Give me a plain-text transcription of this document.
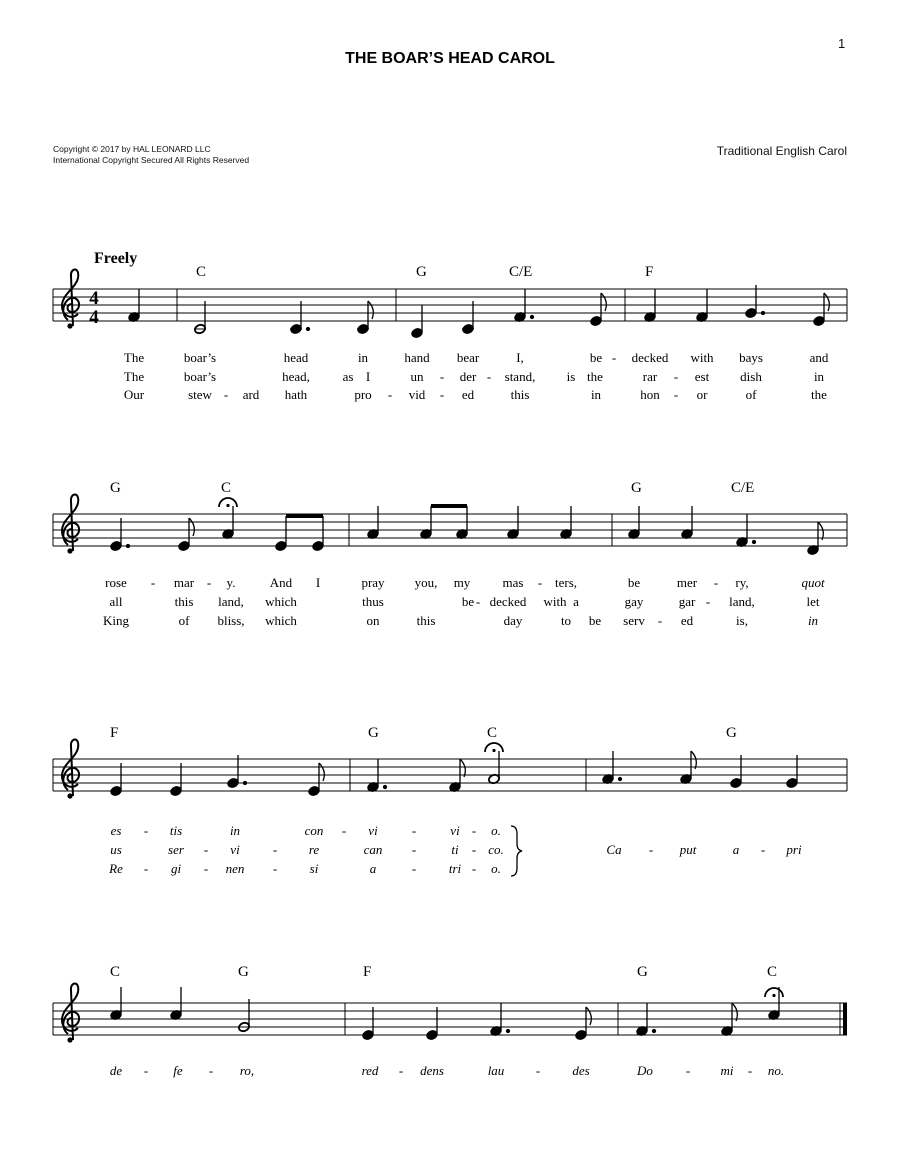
1
THE BOAR’S HEAD CAROL
Copyright © 2017 by HAL LEONARD LLC
International Copyright Secured All Rights Reserved
Traditional English Carol
Freely
4
4
C	G	C/E	F
The	boar’s	head	in	hand bear	I,	be - decked with bays	and
The	boar’s	head,	as I	un - der - stand, is the	rar - est dish	in
Our	stew - ard hath	pro - vid - ed	this	in	hon - or	of	the
G	C	G	C/E
rose - mar - y.	And I	pray you, my mas - ters,	be	mer - ry,	quot
all	this land, which	thus	be - decked with a	gay	gar - land,	let
King	of bliss, which	on	this	day	to be serv - ed	is,	in
F	G	C	G
es - tis	in	con - vi	-	vi - o.
us	ser - vi	- re	can -	ti - co.
Re - gi - nen - si	a	-	tri - o.
Ca - put	a - pri
C	G	F	G	C
de - fe - ro,	red - dens	lau - des	Do	- mi - no.
